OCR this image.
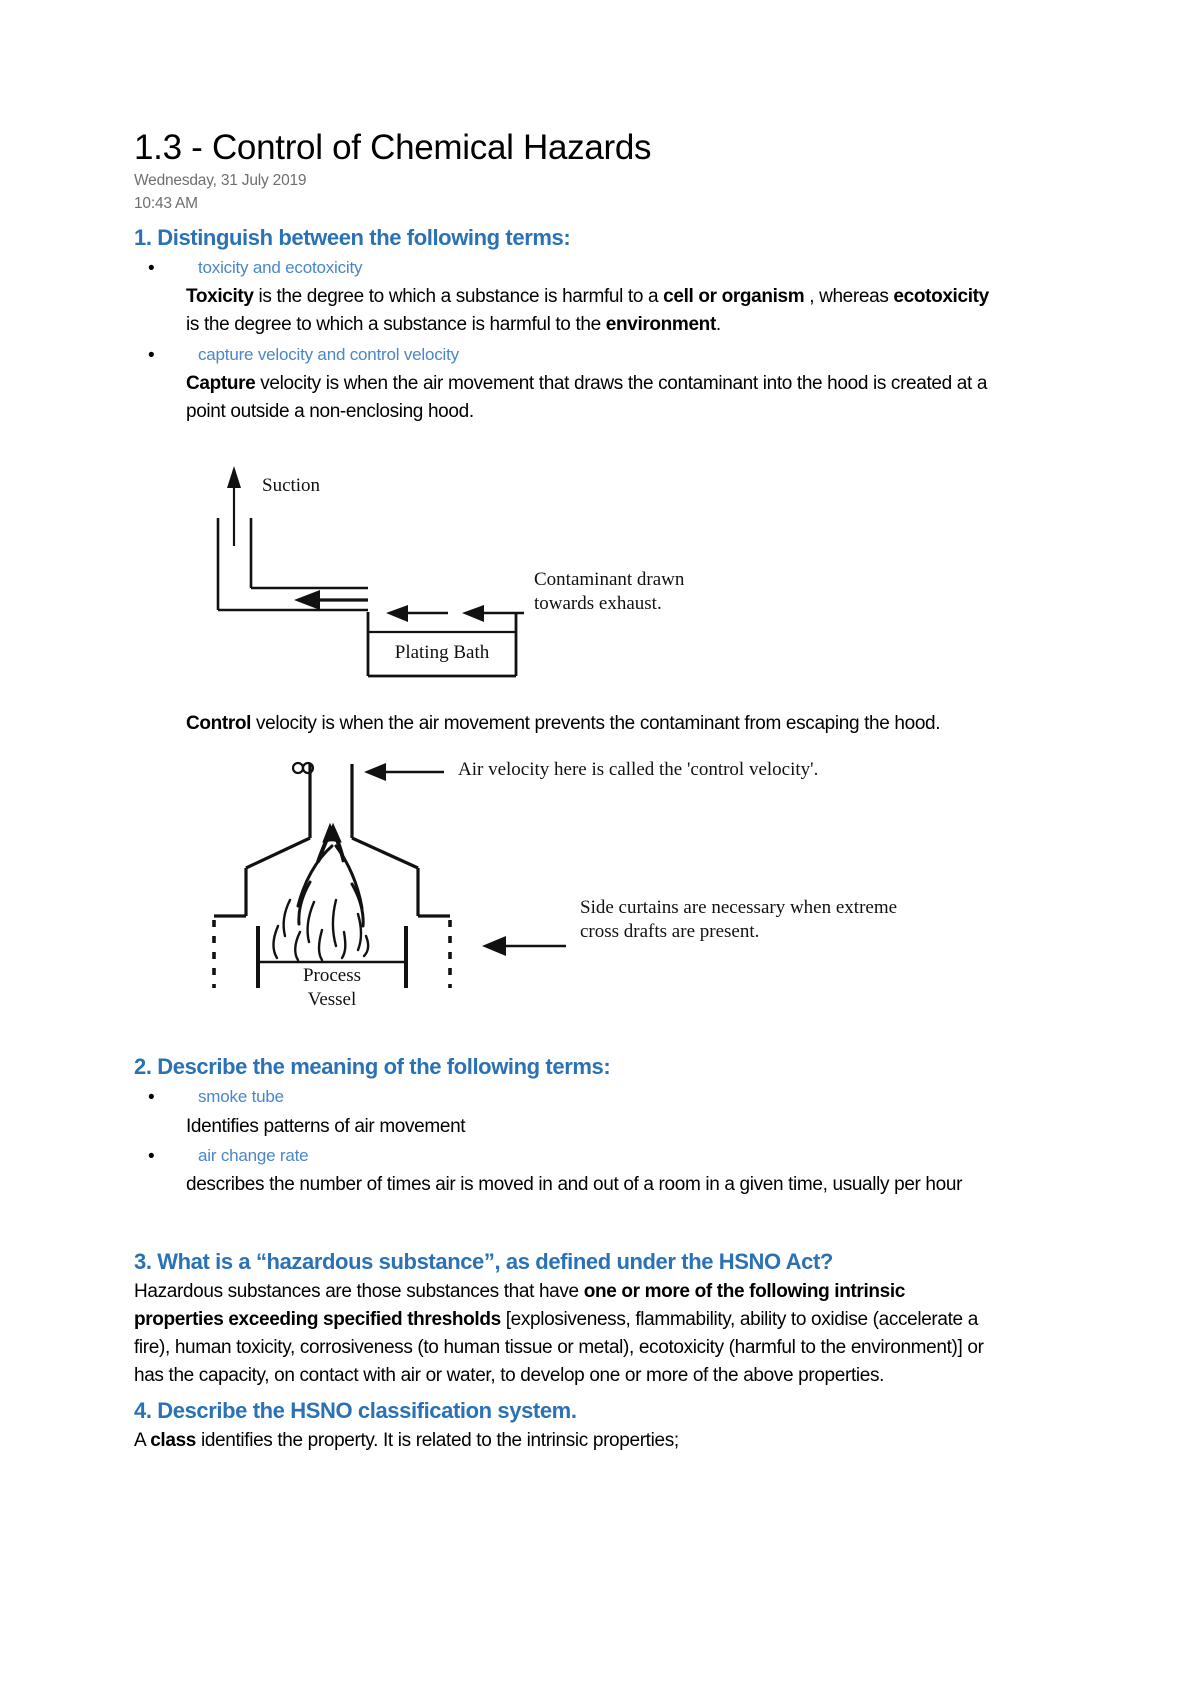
1.3 - Control of Chemical Hazards
Wednesday, 31 July 2019
10:43 AM
1. Distinguish between the following terms:
•	toxicity and ecotoxicity

Toxicity is the degree to which a substance is harmful to a cell or organism , whereas ecotoxicity is the degree to which a substance is harmful to the environment.

•	capture velocity and control velocity

Capture velocity is when the air movement that draws the contaminant into the hood is created at a point outside a non-enclosing hood.

Suction
Contaminant drawn
towards exhaust.
Plating Bath

Control velocity is when the air movement prevents the contaminant from escaping the hood.

Air velocity here is called the 'control velocity'.
Side curtains are necessary when extreme
cross drafts are present.
Process
Vessel
2. Describe the meaning of the following terms:
•	smoke tube

Identifies patterns of air movement

•	air change rate

describes the number of times air is moved in and out of a room in a given time, usually per hour

3. What is a “hazardous substance”, as defined under the HSNO Act?

Hazardous substances are those substances that have one or more of the following intrinsic properties exceeding specified thresholds [explosiveness, flammability, ability to oxidise (accelerate a fire), human toxicity, corrosiveness (to human tissue or metal), ecotoxicity (harmful to the environment)] or has the capacity, on contact with air or water, to develop one or more of the above properties.

4. Describe the HSNO classification system.

A class identifies the property. It is related to the intrinsic properties;
